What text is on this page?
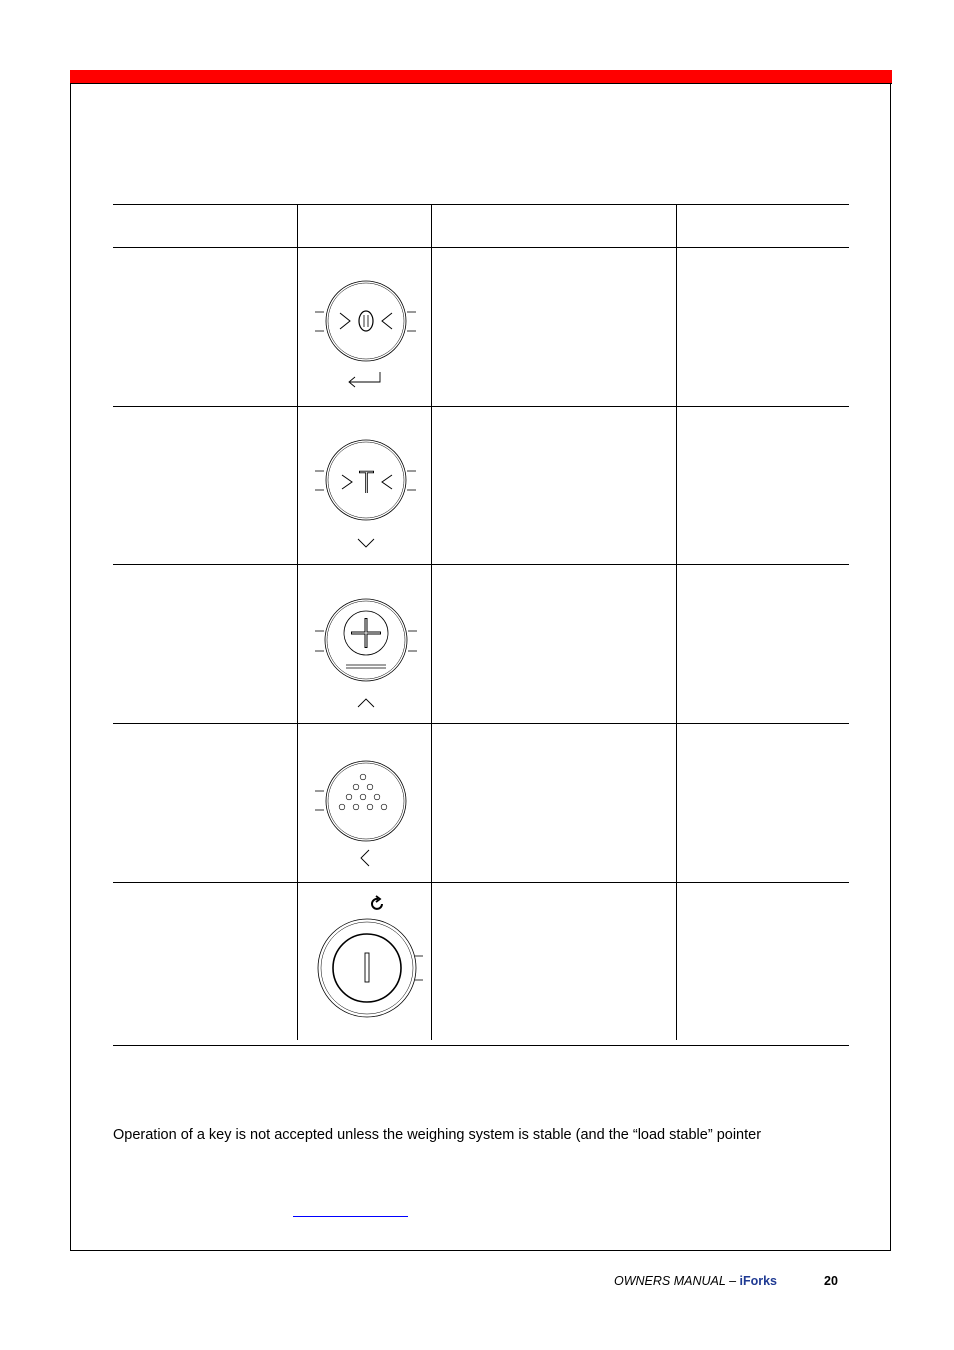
Operation of a key is not accepted unless the weighing system is stable (and the “load stable” pointer
OWNERS MANUAL – iForks	20
